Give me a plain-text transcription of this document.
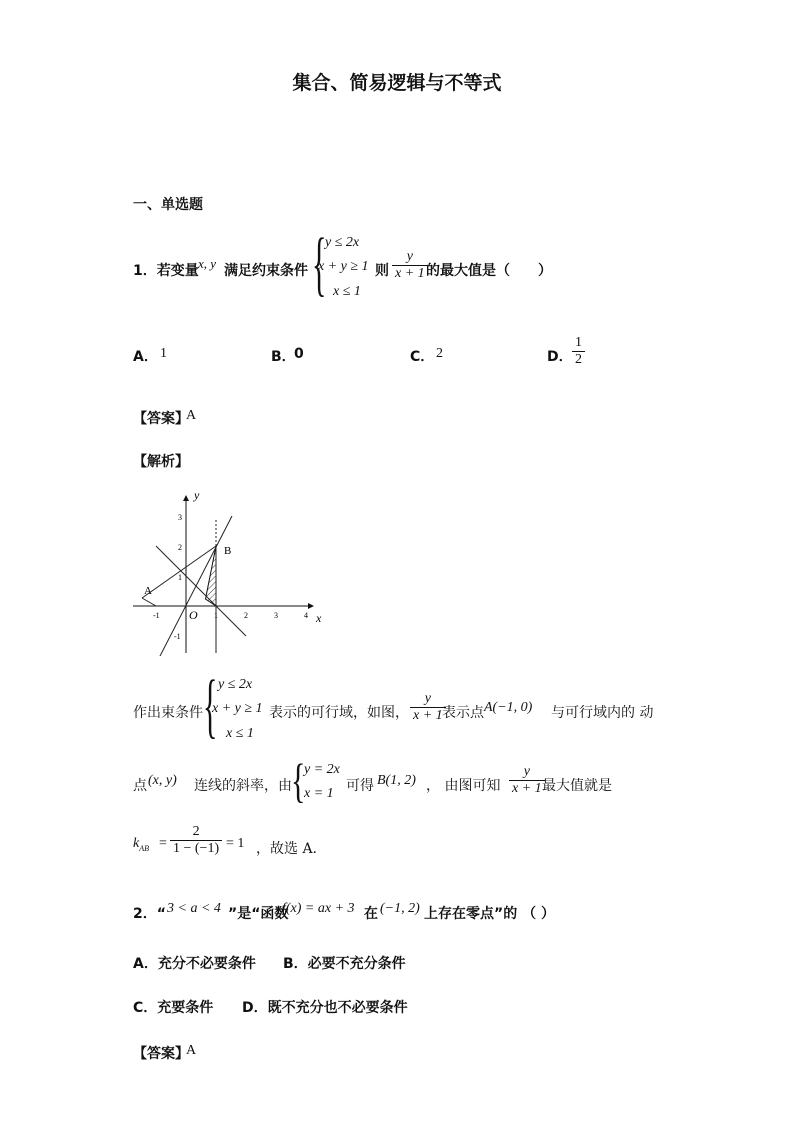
集合、简易逻辑与不等式
一、单选题
1．若变量 x, y 满足约束条件 {
y ≤ 2x
x + y ≥ 1
x ≤ 1
则 $\frac{y}{x + 1}$
的最大值是（　　）
A． 1	B．
0	C． 2	D． $\frac{1}{2}$
【答案】
A
【解析】
-1	1	2	3	4
-1
1
2
3
x
y
O
A
B
作出束条件 { y ≤ 2x
x + y ≥ 1
x ≤ 1
表示的可行域，如图， $\frac{y}{x + 1}$
表示点 A(−1, 0) 与可行域内的 动
点 (x, y) 连线的斜率，由 {
y = 2x
x = 1 可得 B(1, 2) ， 由图可知 $\frac{y}{x + 1}$
最大值就是
$k_{AB} = \frac{2}{1 - (-1)} = 1$ ，故选 A.
2．“ 3 < a < 4 ”是“函数
f(x) = ax + 3 在 (−1, 2) 上存在零点”的 （ ）
A．充分不必要条件 B．必要不充分条件
C．充要条件 D．既不充分也不必要条件
【答案】
A
